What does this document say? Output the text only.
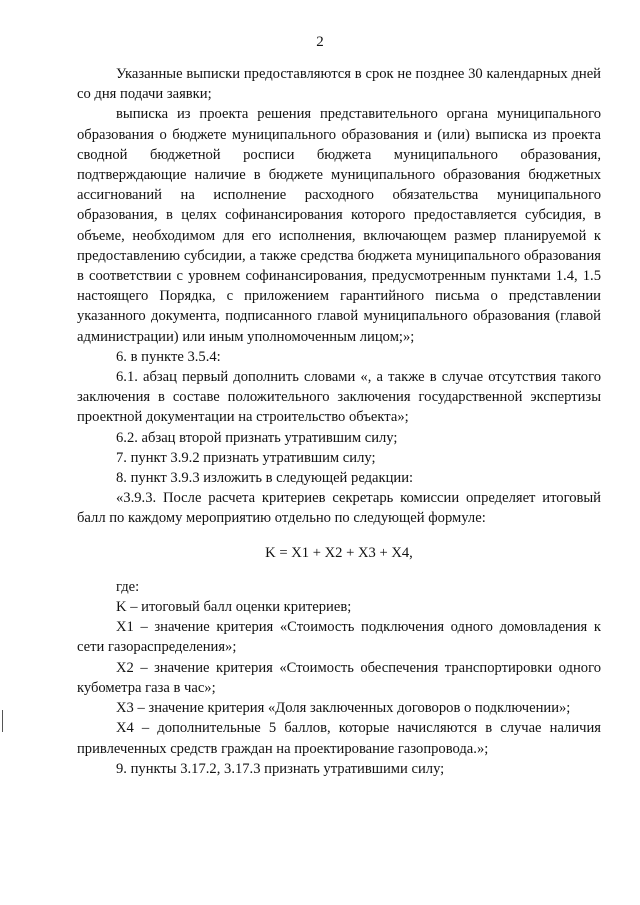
2

Указанные выписки предоставляются в срок не позднее 30 календарных дней со дня подачи заявки;

выписка из проекта решения представительного органа муниципального образования о бюджете муниципального образования и (или) выписка из проекта сводной бюджетной росписи бюджета муниципального образования, подтверждающие наличие в бюджете муниципального образования бюджетных ассигнований на исполнение расходного обязательства муниципального образования, в целях софинансирования которого предоставляется субсидия, в объеме, необходимом для его исполнения, включающем размер планируемой к предоставлению субсидии, а также средства бюджета муниципального образования в соответствии с уровнем софинансирования, предусмотренным пунктами 1.4, 1.5 настоящего Порядка, с приложением гарантийного письма о представлении указанного документа, подписанного главой муниципального образования (главой администрации) или иным уполномоченным лицом;»;

6. в пункте 3.5.4:

6.1. абзац первый дополнить словами «, а также в случае отсутствия такого заключения в составе положительного заключения государственной экспертизы проектной документации на строительство объекта»;

6.2. абзац второй признать утратившим силу;

7. пункт 3.9.2 признать утратившим силу;

8. пункт 3.9.3 изложить в следующей редакции:

«3.9.3. После расчета критериев секретарь комиссии определяет итоговый балл по каждому мероприятию отдельно по следующей формуле:

K = X1 + X2 + X3 + X4,

где:

K – итоговый балл оценки критериев;

X1 – значение критерия «Стоимость подключения одного домовладения к сети газораспределения»;

X2 – значение критерия «Стоимость обеспечения транспортировки одного кубометра газа в час»;

X3 – значение критерия «Доля заключенных договоров о подключении»;

X4 – дополнительные 5 баллов, которые начисляются в случае наличия привлеченных средств граждан на проектирование газопровода.»;

9. пункты 3.17.2, 3.17.3 признать утратившими силу;
